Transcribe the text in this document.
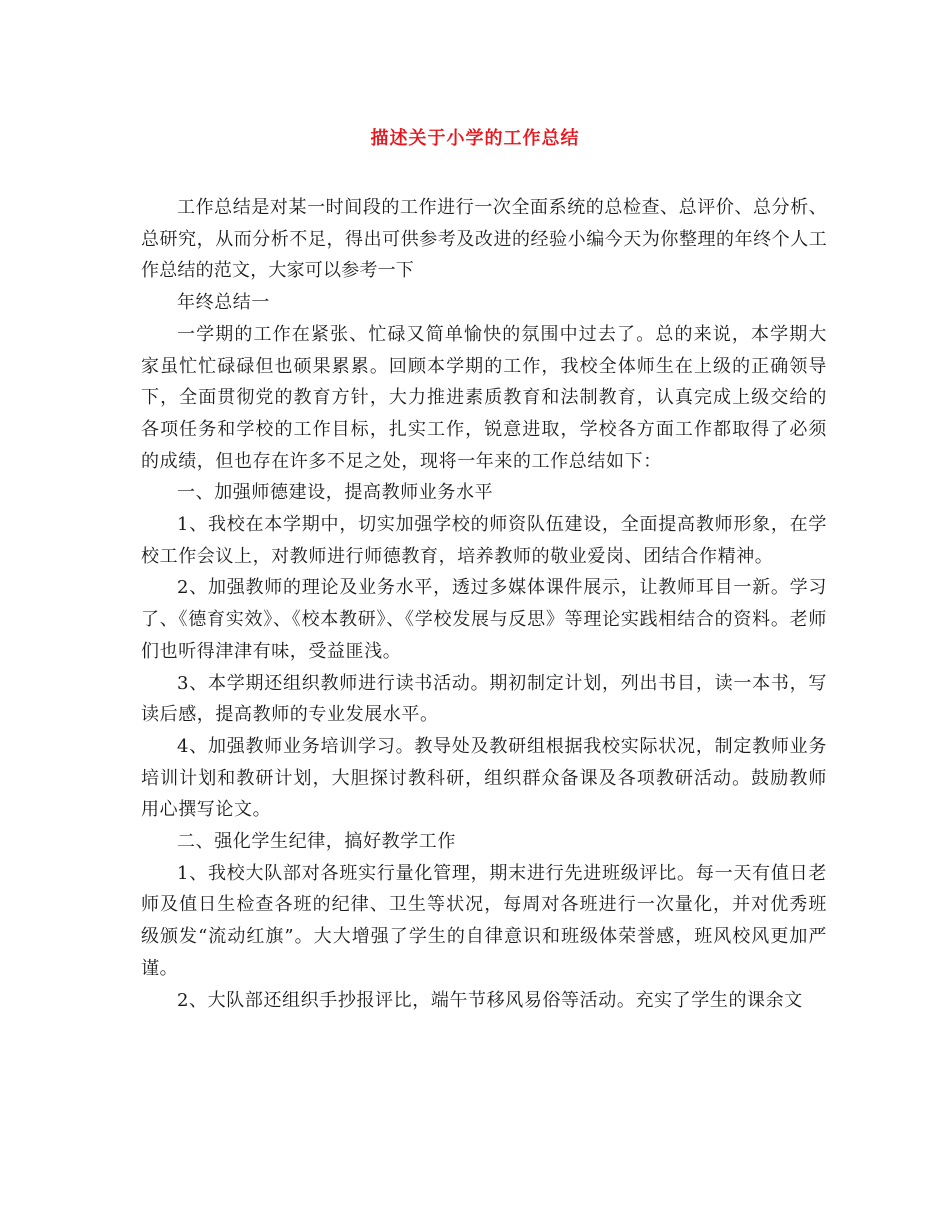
描述关于小学的工作总结

工作总结是对某一时间段的工作进行一次全面系统的总检查、总评价、总分析、总研究，从而分析不足，得出可供参考及改进的经验小编今天为你整理的年终个人工作总结的范文，大家可以参考一下

年终总结一

一学期的工作在紧张、忙碌又简单愉快的氛围中过去了。总的来说，本学期大家虽忙忙碌碌但也硕果累累。回顾本学期的工作，我校全体师生在上级的正确领导下，全面贯彻党的教育方针，大力推进素质教育和法制教育，认真完成上级交给的各项任务和学校的工作目标，扎实工作，锐意进取，学校各方面工作都取得了必须的成绩，但也存在许多不足之处，现将一年来的工作总结如下：

一、加强师德建设，提高教师业务水平

1、我校在本学期中，切实加强学校的师资队伍建设，全面提高教师形象，在学校工作会议上，对教师进行师德教育，培养教师的敬业爱岗、团结合作精神。

2、加强教师的理论及业务水平，透过多媒体课件展示，让教师耳目一新。学习了、《德育实效》、《校本教研》、《学校发展与反思》等理论实践相结合的资料。老师们也听得津津有味，受益匪浅。

3、本学期还组织教师进行读书活动。期初制定计划，列出书目，读一本书，写读后感，提高教师的专业发展水平。

4、加强教师业务培训学习。教导处及教研组根据我校实际状况，制定教师业务培训计划和教研计划，大胆探讨教科研，组织群众备课及各项教研活动。鼓励教师用心撰写论文。

二、强化学生纪律，搞好教学工作

1、我校大队部对各班实行量化管理，期末进行先进班级评比。每一天有值日老师及值日生检查各班的纪律、卫生等状况，每周对各班进行一次量化，并对优秀班级颁发“流动红旗”。大大增强了学生的自律意识和班级体荣誉感，班风校风更加严谨。

2、大队部还组织手抄报评比，端午节移风易俗等活动。充实了学生的课余文
